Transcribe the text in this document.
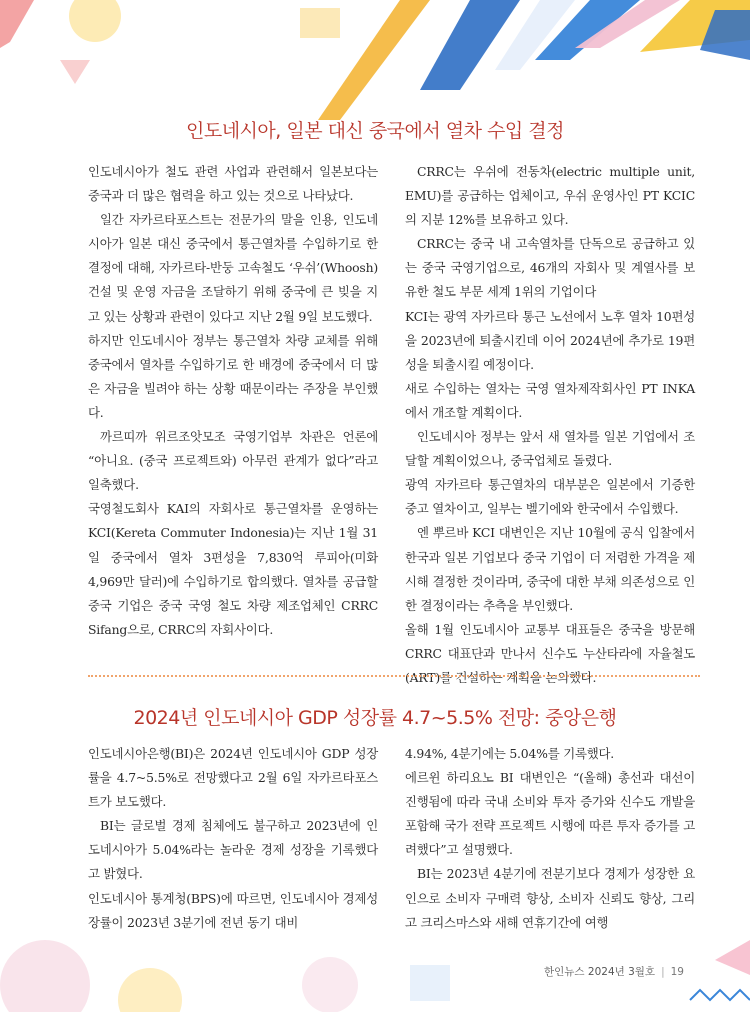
인도네시아, 일본 대신 중국에서 열차 수입 결정

인도네시아가 철도 관련 사업과 관련해서 일본보다는 중국과 더 많은 협력을 하고 있는 것으로 나타났다.

일간 자카르타포스트는 전문가의 말을 인용, 인도네시아가 일본 대신 중국에서 통근열차를 수입하기로 한 결정에 대해, 자카르타-반둥 고속철도 ‘우쉬’(Whoosh) 건설 및 운영 자금을 조달하기 위해 중국에 큰 빚을 지고 있는 상황과 관련이 있다고 지난 2월 9일 보도했다.

하지만 인도네시아 정부는 통근열차 차량 교체를 위해 중국에서 열차를 수입하기로 한 배경에 중국에서 더 많은 자금을 빌려야 하는 상황 때문이라는 주장을 부인했다.

까르띠까 위르조앗모조 국영기업부 차관은 언론에 “아니요. (중국 프로젝트와) 아무런 관계가 없다”라고 일축했다.

국영철도회사 KAI의 자회사로 통근열차를 운영하는 KCI(Kereta Commuter Indonesia)는 지난 1월 31일 중국에서 열차 3편성을 7,830억 루피아(미화 4,969만 달러)에 수입하기로 합의했다. 열차를 공급할 중국 기업은 중국 국영 철도 차량 제조업체인 CRRC Sifang으로, CRRC의 자회사이다.

CRRC는 우쉬에 전동차(electric multiple unit, EMU)를 공급하는 업체이고, 우쉬 운영사인 PT KCIC의 지분 12%를 보유하고 있다.

CRRC는 중국 내 고속열차를 단독으로 공급하고 있는 중국 국영기업으로, 46개의 자회사 및 계열사를 보유한 철도 부문 세계 1위의 기업이다

KCI는 광역 자카르타 통근 노선에서 노후 열차 10편성을 2023년에 퇴출시킨데 이어 2024년에 추가로 19편성을 퇴출시킬 예정이다.

새로 수입하는 열차는 국영 열차제작회사인 PT INKA에서 개조할 계획이다.

인도네시아 정부는 앞서 새 열차를 일본 기업에서 조달할 계획이었으나, 중국업체로 돌렸다.

광역 자카르타 통근열차의 대부분은 일본에서 기증한 중고 열차이고, 일부는 벨기에와 한국에서 수입했다.

엔 뿌르바 KCI 대변인은 지난 10월에 공식 입찰에서 한국과 일본 기업보다 중국 기업이 더 저렴한 가격을 제시해 결정한 것이라며, 중국에 대한 부채 의존성으로 인한 결정이라는 추측을 부인했다.

올해 1월 인도네시아 교통부 대표들은 중국을 방문해 CRRC 대표단과 만나서 신수도 누산타라에 자율철도(ART)를 건설하는 계획을 논의했다.

2024년 인도네시아 GDP 성장률 4.7~5.5% 전망: 중앙은행

인도네시아은행(BI)은 2024년 인도네시아 GDP 성장률을 4.7~5.5%로 전망했다고 2월 6일 자카르타포스트가 보도했다.

BI는 글로벌 경제 침체에도 불구하고 2023년에 인도네시아가 5.04%라는 놀라운 경제 성장을 기록했다고 밝혔다.

인도네시아 통계청(BPS)에 따르면, 인도네시아 경제성장률이 2023년 3분기에 전년 동기 대비

4.94%, 4분기에는 5.04%를 기록했다.

에르윈 하리요노 BI 대변인은 “(올해) 총선과 대선이 진행됨에 따라 국내 소비와 투자 증가와 신수도 개발을 포함해 국가 전략 프로젝트 시행에 따른 투자 증가를 고려했다”고 설명했다.

BI는 2023년 4분기에 전분기보다 경제가 성장한 요인으로 소비자 구매력 향상, 소비자 신뢰도 향상, 그리고 크리스마스와 새해 연휴기간에 여행

한인뉴스 2024년 3월호 | 19
